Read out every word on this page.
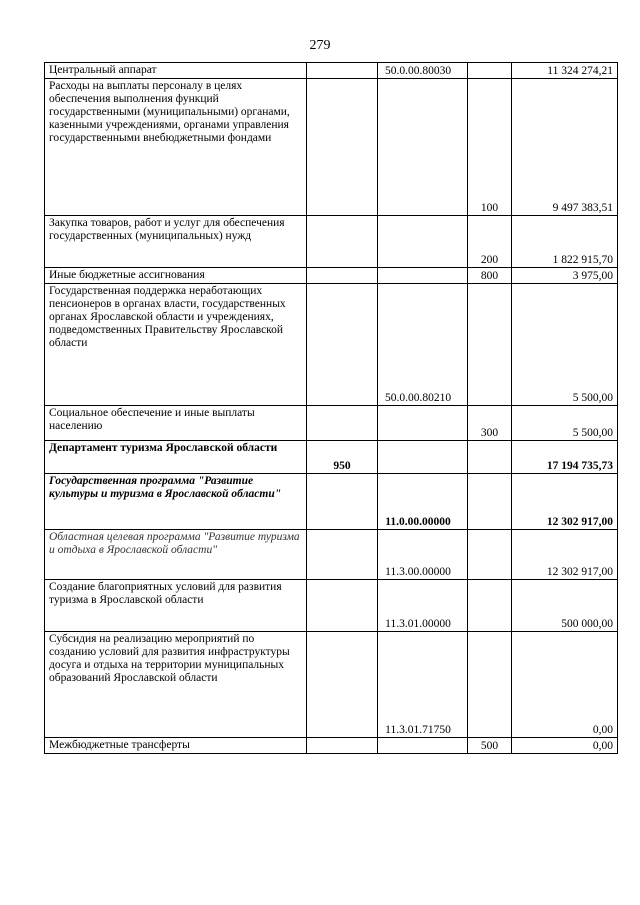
279
Центральный аппарат		50.0.00.80030		11 324 274,21
Расходы на выплаты персоналу в целях обеспечения выполнения функций государственными (муниципальными) органами, казенными учреждениями, органами управления государственными внебюджетными фондами			100	9 497 383,51
Закупка товаров, работ и услуг для обеспечения государственных (муниципальных) нужд			200	1 822 915,70
Иные бюджетные ассигнования			800	3 975,00
Государственная поддержка неработающих пенсионеров в органах власти, государственных органах Ярославской области и учреждениях, подведомственных Правительству Ярославской области		50.0.00.80210		5 500,00
Социальное обеспечение и иные выплаты населению			300	5 500,00
Департамент туризма Ярославской области	950			17 194 735,73
Государственная программа "Развитие культуры и туризма в Ярославской области"		11.0.00.00000		12 302 917,00
Областная целевая программа "Развитие туризма и отдыха в Ярославской области"		11.3.00.00000		12 302 917,00
Создание благоприятных условий для развития туризма в Ярославской области		11.3.01.00000		500 000,00
Субсидия на реализацию мероприятий по созданию условий для развития инфраструктуры досуга и отдыха на территории муниципальных образований Ярославской области		11.3.01.71750		0,00
Межбюджетные трансферты			500	0,00
